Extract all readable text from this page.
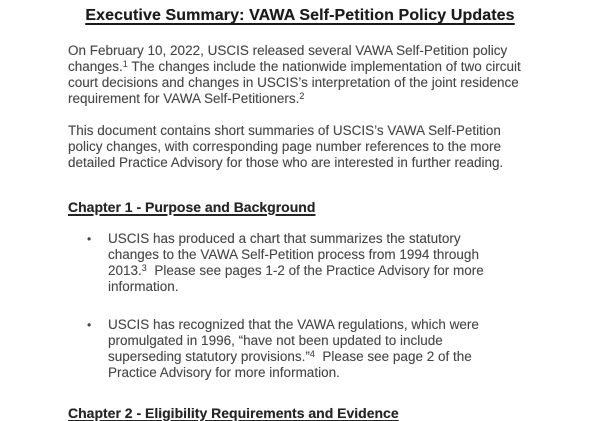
Executive Summary: VAWA Self-Petition Policy Updates

On February 10, 2022, USCIS released several VAWA Self-Petition policy changes.$^1$ The changes include the nationwide implementation of two circuit court decisions and changes in USCIS’s interpretation of the joint residence requirement for VAWA Self-Petitioners.$^2$

This document contains short summaries of USCIS’s VAWA Self-Petition policy changes, with corresponding page number references to the more detailed Practice Advisory for those who are interested in further reading.

Chapter 1 - Purpose and Background
• USCIS has produced a chart that summarizes the statutory changes to the VAWA Self-Petition process from 1994 through 2013.$^3$  Please see pages 1-2 of the Practice Advisory for more information.
• USCIS has recognized that the VAWA regulations, which were promulgated in 1996, “have not been updated to include superseding statutory provisions.”$^4$  Please see page 2 of the Practice Advisory for more information.
Chapter 2 - Eligibility Requirements and Evidence
